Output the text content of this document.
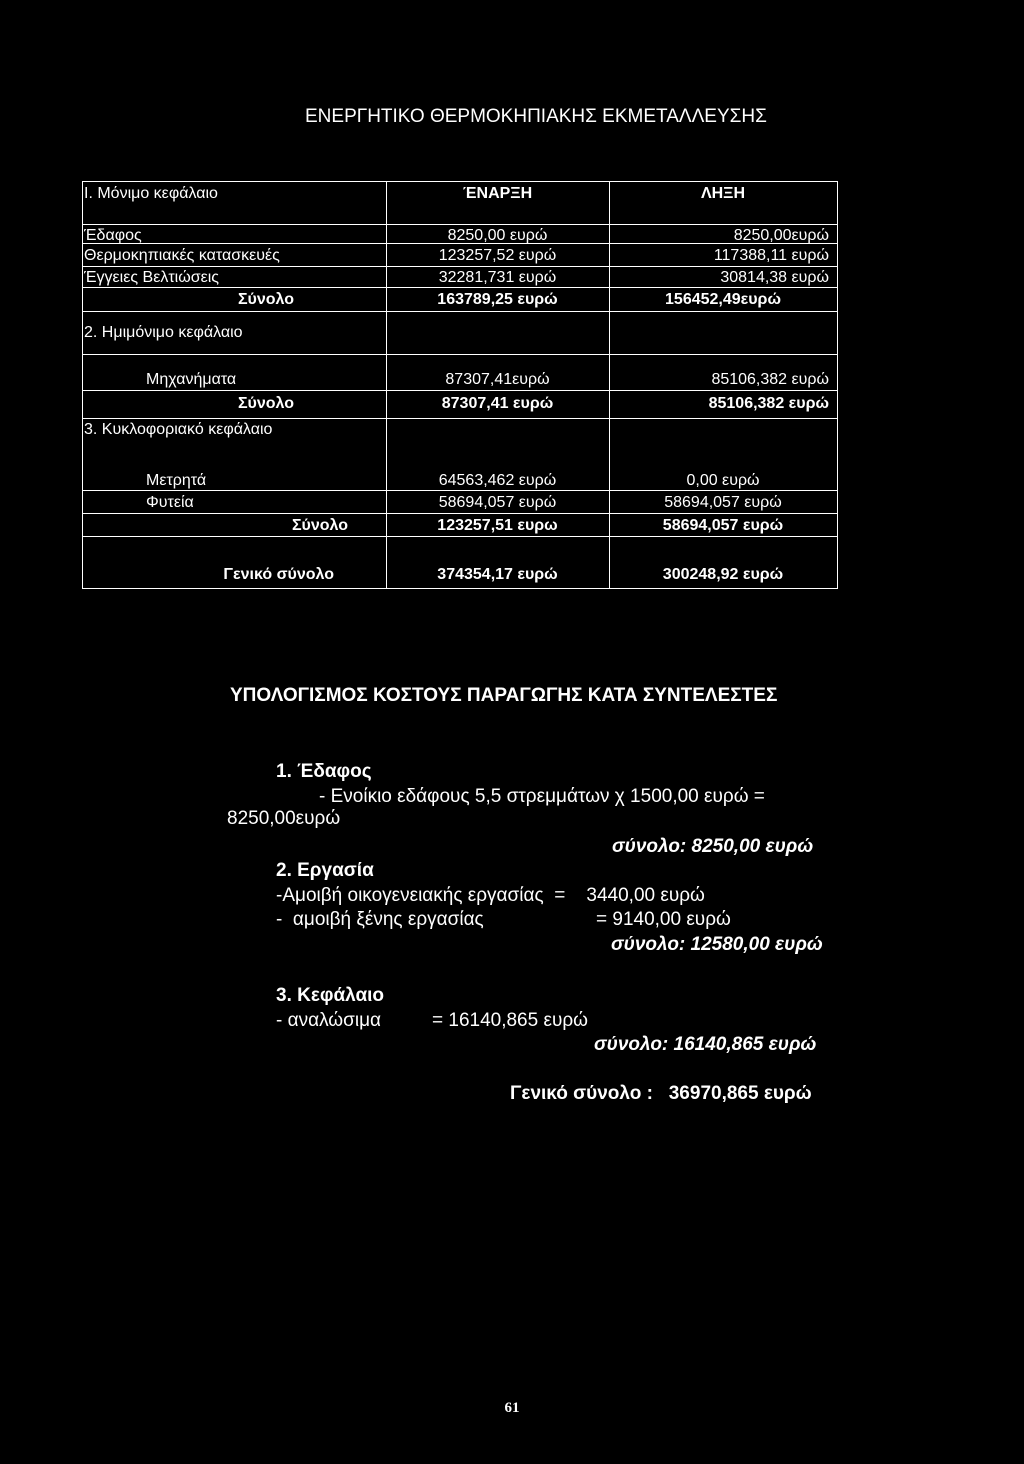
ΕΝΕΡΓΗΤΙΚΟ ΘΕΡΜΟΚΗΠΙΑΚΗΣ ΕΚΜΕΤΑΛΛΕΥΣΗΣ
Ι. Μόνιμο κεφάλαιο	ΈΝΑΡΞΗ	ΛΗΞΗ
Έδαφος	8250,00 ευρώ	8250,00ευρώ
Θερμοκηπιακές κατασκευές	123257,52 ευρώ	117388,11 ευρώ
Έγγειες Βελτιώσεις	32281,731 ευρώ	30814,38 ευρώ
Σύνολο	163789,25 ευρώ	156452,49ευρώ
2. Ημιμόνιμο κεφάλαιο
Μηχανήματα	87307,41ευρώ	85106,382 ευρώ
Σύνολο	87307,41 ευρώ	85106,382 ευρώ
3. Κυκλοφοριακό κεφάλαιο
Μετρητά	64563,462 ευρώ	0,00 ευρώ
Φυτεία	58694,057 ευρώ	58694,057 ευρώ
Σύνολο	123257,51 ευρω	58694,057 ευρώ
Γενικό σύνολο	374354,17 ευρώ	300248,92 ευρώ
ΥΠΟΛΟΓΙΣΜΟΣ ΚΟΣΤΟΥΣ ΠΑΡΑΓΩΓΗΣ ΚΑΤΑ ΣΥΝΤΕΛΕΣΤΕΣ
1. Έδαφος
- Ενοίκιο εδάφους 5,5 στρεμμάτων χ 1500,00 ευρώ =
8250,00ευρώ
σύνολο: 8250,00 ευρώ
2. Εργασία
-Αμοιβή οικογενειακής εργασίας  =    3440,00 ευρώ
-  αμοιβή ξένης εργασίας	= 9140,00 ευρώ
σύνολο: 12580,00 ευρώ
3. Κεφάλαιο
- αναλώσιμα	= 16140,865 ευρώ
σύνολο: 16140,865 ευρώ
Γενικό σύνολο :   36970,865 ευρώ
61
